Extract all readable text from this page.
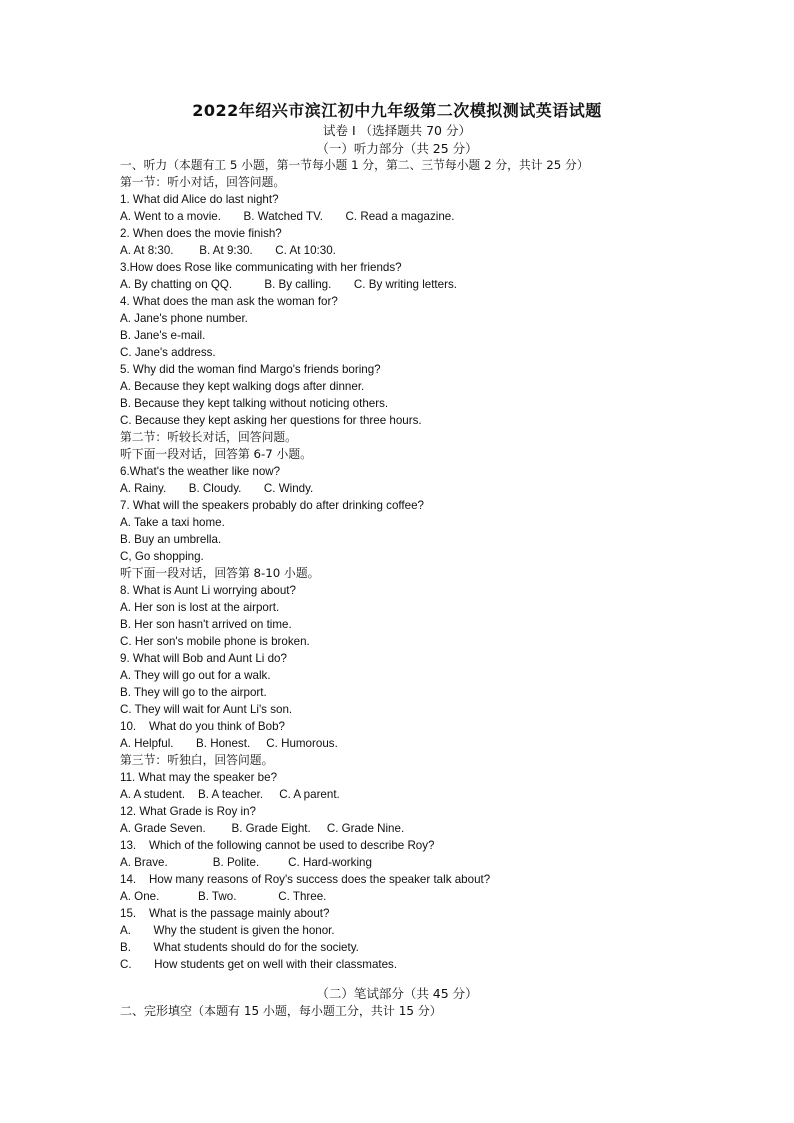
2022年绍兴市滨江初中九年级第二次模拟测试英语试题
试卷 I （选择题共 70 分）
（一）听力部分（共 25 分）
一、听力（本题有工 5 小题，第一节每小题 1 分，第二、三节每小题 2 分，共计 25 分）
第一节：听小对话，回答问题。
1. What did Alice do last night?
A. Went to a movie.       B. Watched TV.       C. Read a magazine.
2. When does the movie finish?
A. At 8:30.        B. At 9:30.       C. At 10:30.
3.How does Rose like communicating with her friends?
A. By chatting on QQ.          B. By calling.       C. By writing letters.
4. What does the man ask the woman for?
A. Jane's phone number.
B. Jane's e-mail.
C. Jane's address.
5. Why did the woman find Margo's friends boring?
A. Because they kept walking dogs after dinner.
B. Because they kept talking without noticing others.
C. Because they kept asking her questions for three hours.
第二节：听较长对话，回答问题。
听下面一段对话，回答第 6-7 小题。
6.What's the weather like now?
A. Rainy.       B. Cloudy.       C. Windy.
7. What will the speakers probably do after drinking coffee?
A. Take a taxi home.
B. Buy an umbrella.
C, Go shopping.
听下面一段对话，回答第 8-10 小题。
8. What is Aunt Li worrying about?
A. Her son is lost at the airport.
B. Her son hasn't arrived on time.
C. Her son's mobile phone is broken.
9. What will Bob and Aunt Li do?
A. They will go out for a walk.
B. They will go to the airport.
C. They will wait for Aunt Li's son.
10.    What do you think of Bob?
A. Helpful.       B. Honest.     C. Humorous.
第三节：听独白，回答问题。
11. What may the speaker be?
A. A student.    B. A teacher.     C. A parent.
12. What Grade is Roy in?
A. Grade Seven.        B. Grade Eight.     C. Grade Nine.
13.    Which of the following cannot be used to describe Roy?
A. Brave.              B. Polite.         C. Hard-working
14.    How many reasons of Roy's success does the speaker talk about?
A. One.            B. Two.             C. Three.
15.    What is the passage mainly about?
A.       Why the student is given the honor.
B.       What students should do for the society.
C.       How students get on well with their classmates.
（二）笔试部分（共 45 分）
二、完形填空（本题有 15 小题，每小题工分，共计 15 分）
